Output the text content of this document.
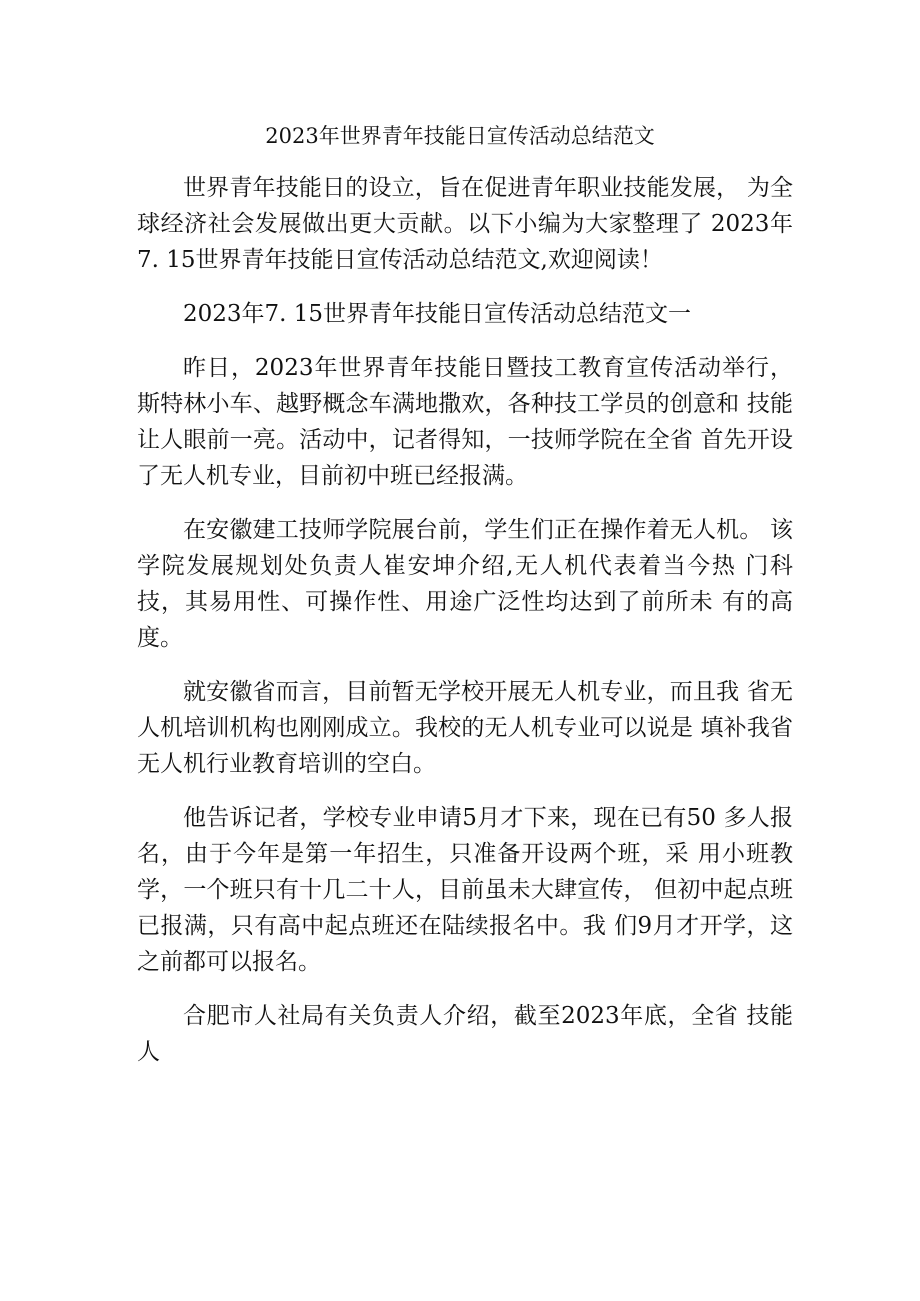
2023年世界青年技能日宣传活动总结范文

世界青年技能日的设立，旨在促进青年职业技能发展， 为全球经济社会发展做出更大贡献。以下小编为大家整理了 2023年7. 15世界青年技能日宣传活动总结范文,欢迎阅读！

2023年7. 15世界青年技能日宣传活动总结范文一

昨日，2023年世界青年技能日暨技工教育宣传活动举行， 斯特林小车、越野概念车满地撒欢，各种技工学员的创意和 技能让人眼前一亮。活动中，记者得知，一技师学院在全省 首先开设了无人机专业，目前初中班已经报满。

在安徽建工技师学院展台前，学生们正在操作着无人机。 该学院发展规划处负责人崔安坤介绍,无人机代表着当今热 门科技，其易用性、可操作性、用途广泛性均达到了前所未 有的高度。

就安徽省而言，目前暂无学校开展无人机专业，而且我 省无人机培训机构也刚刚成立。我校的无人机专业可以说是 填补我省无人机行业教育培训的空白。

他告诉记者，学校专业申请5月才下来，现在已有50 多人报名，由于今年是第一年招生，只准备开设两个班，采 用小班教学，一个班只有十几二十人，目前虽未大肆宣传， 但初中起点班已报满，只有高中起点班还在陆续报名中。我 们9月才开学，这之前都可以报名。

合肥市人社局有关负责人介绍，截至2023年底，全省 技能人
